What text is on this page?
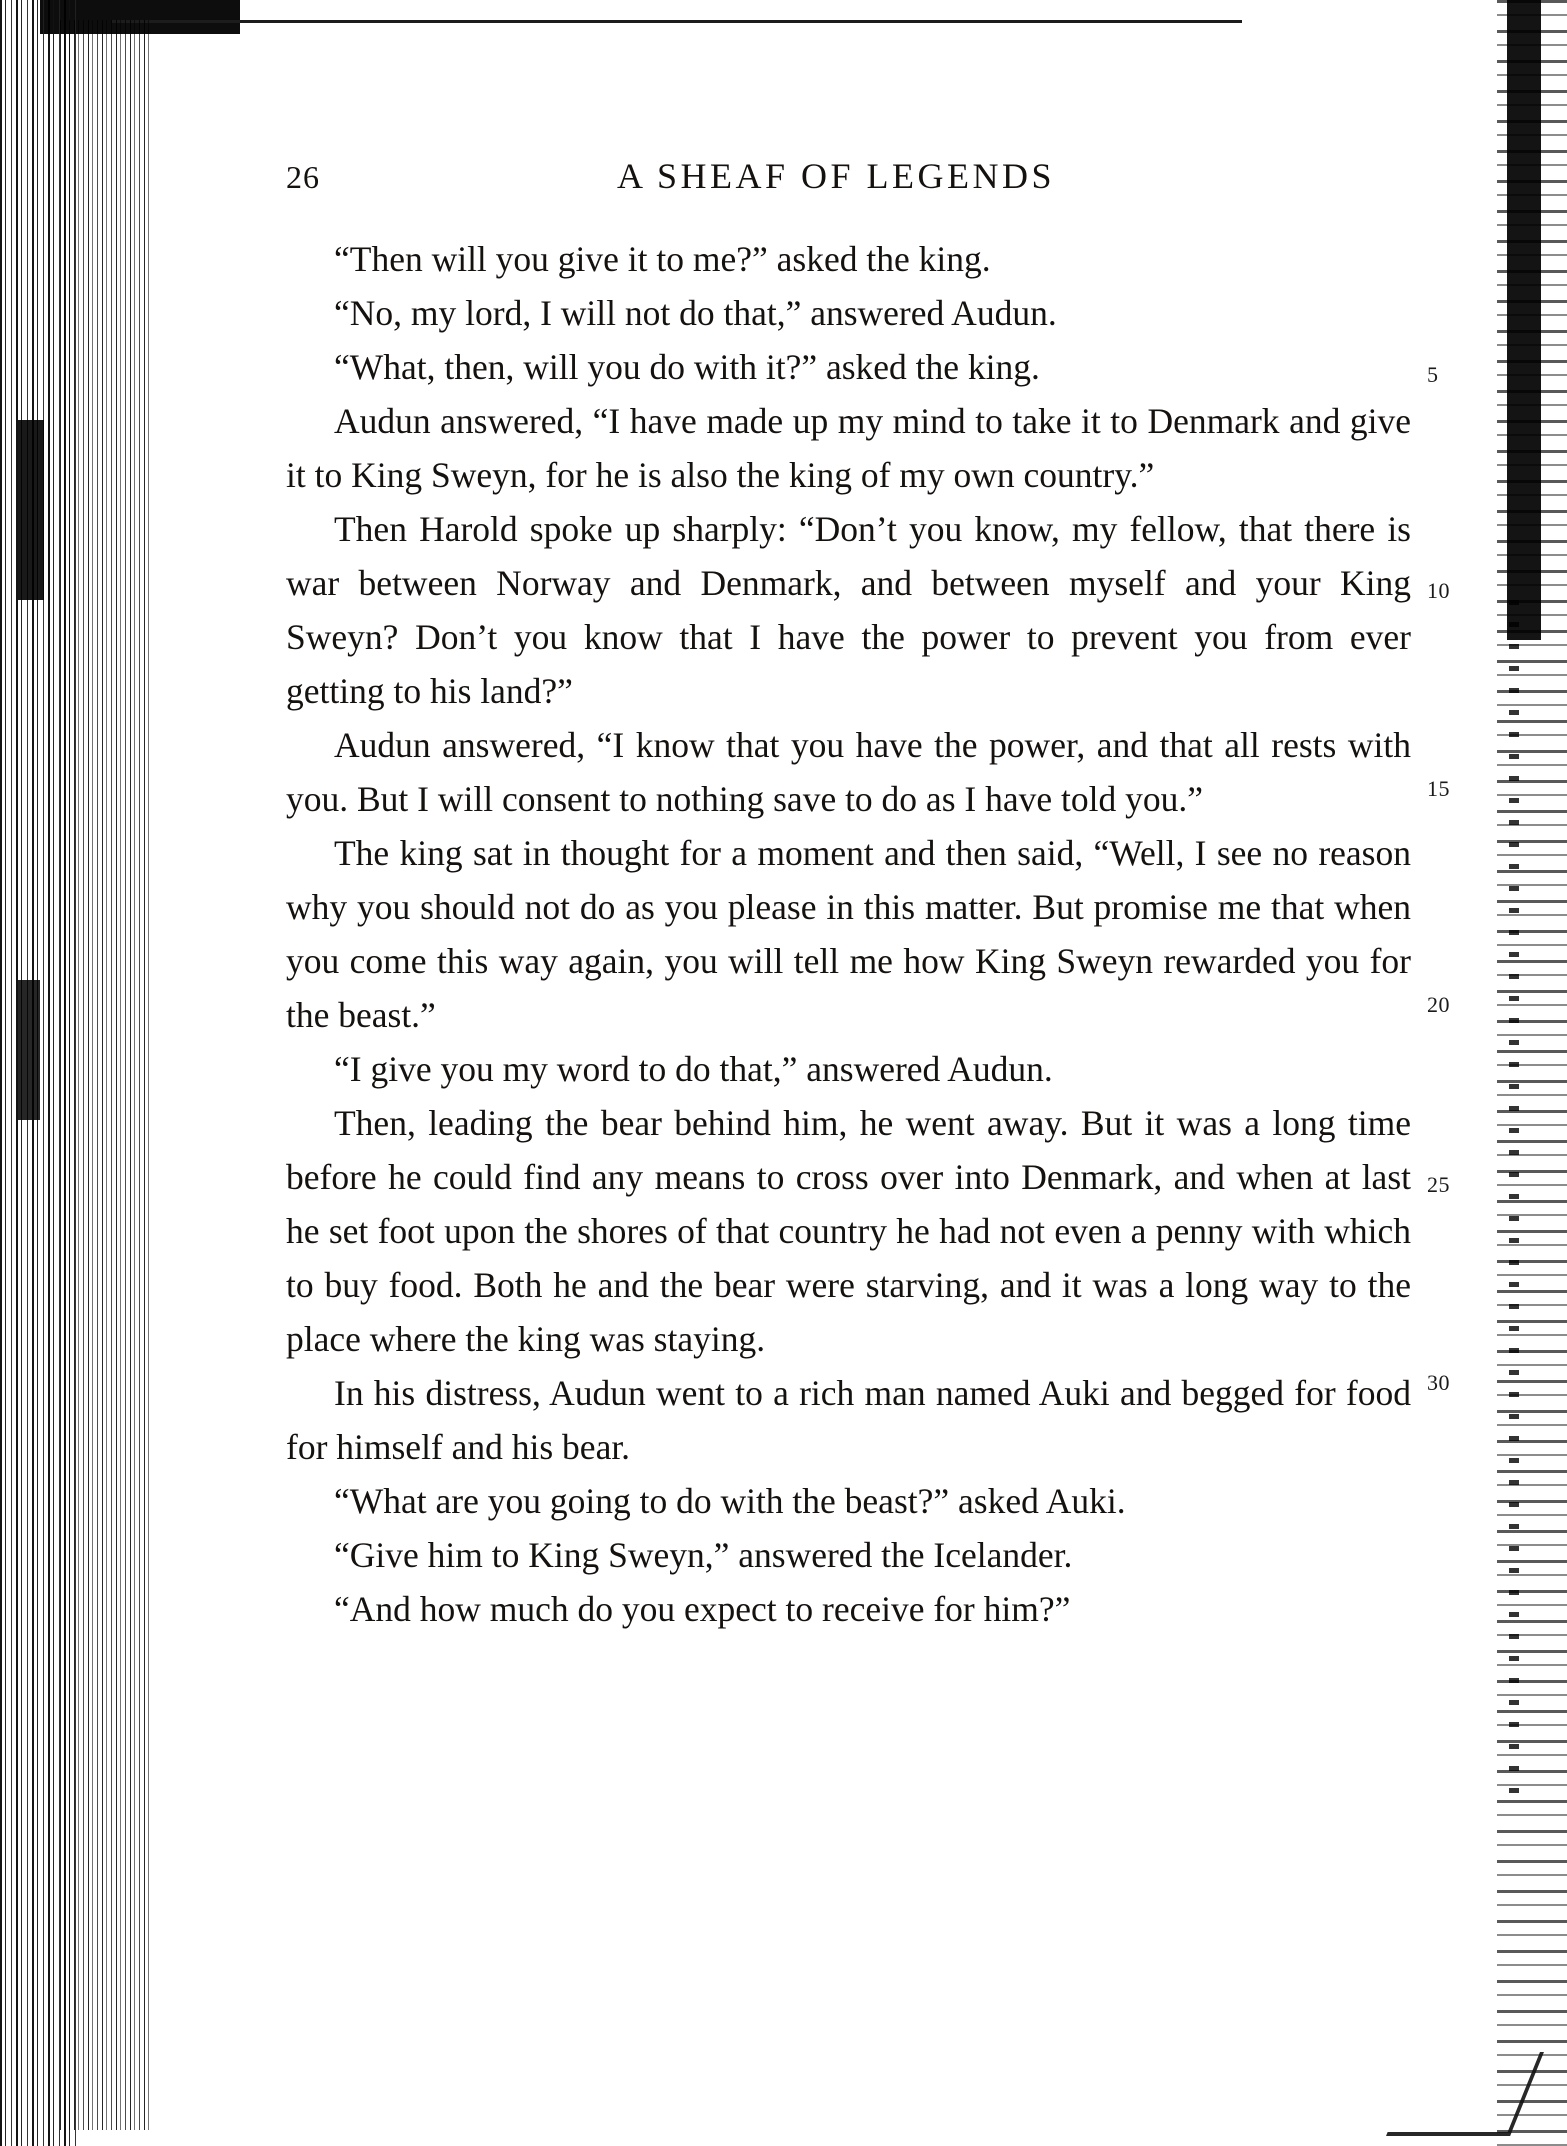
26	A SHEAF OF LEGENDS

“Then will you give it to me?” asked the king.

“No, my lord, I will not do that,” answered Audun.

“What, then, will you do with it?” asked the king.

Audun answered, “I have made up my mind to take it to Denmark and give it to King Sweyn, for he is also the king of my own country.”

Then Harold spoke up sharply: “Don’t you know, my fellow, that there is war between Norway and Denmark, and between myself and your King Sweyn? Don’t you know that I have the power to prevent you from ever getting to his land?”

Audun answered, “I know that you have the power, and that all rests with you. But I will consent to nothing save to do as I have told you.”

The king sat in thought for a moment and then said, “Well, I see no reason why you should not do as you please in this matter. But promise me that when you come this way again, you will tell me how King Sweyn rewarded you for the beast.”

“I give you my word to do that,” answered Audun.

Then, leading the bear behind him, he went away. But it was a long time before he could find any means to cross over into Denmark, and when at last he set foot upon the shores of that country he had not even a penny with which to buy food. Both he and the bear were starving, and it was a long way to the place where the king was staying.

In his distress, Audun went to a rich man named Auki and begged for food for himself and his bear.

“What are you going to do with the beast?” asked Auki.

“Give him to King Sweyn,” answered the Icelander.

“And how much do you expect to receive for him?”

5
10
15
20
25
30
